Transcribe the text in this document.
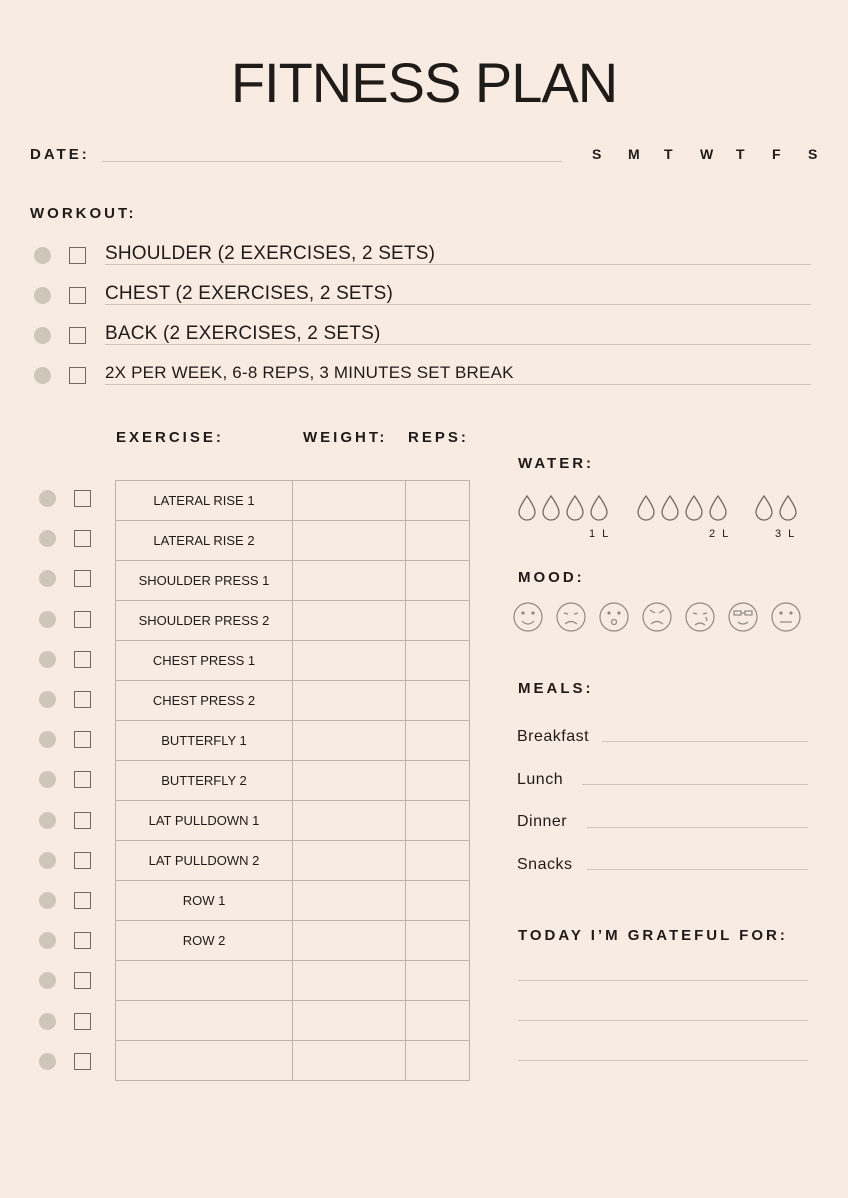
FITNESS PLAN
DATE:	S	M	T	W	T	F	S
WORKOUT:
SHOULDER (2 EXERCISES, 2 SETS)
CHEST (2 EXERCISES, 2 SETS)
BACK (2 EXERCISES, 2 SETS)
2X PER WEEK, 6-8 REPS, 3 MINUTES SET BREAK
EXERCISE:	WEIGHT: REPS:
LATERAL RISE 1		
LATERAL RISE 2		
SHOULDER PRESS 1		
SHOULDER PRESS 2		
CHEST PRESS 1		
CHEST PRESS 2		
BUTTERFLY 1		
BUTTERFLY 2		
LAT PULLDOWN 1		
LAT PULLDOWN 2		
ROW 1		
ROW 2		

WATER:
1 L	2 L	3 L
MOOD:
MEALS:
Breakfast
Lunch
Dinner
Snacks
TODAY I’M GRATEFUL FOR:
